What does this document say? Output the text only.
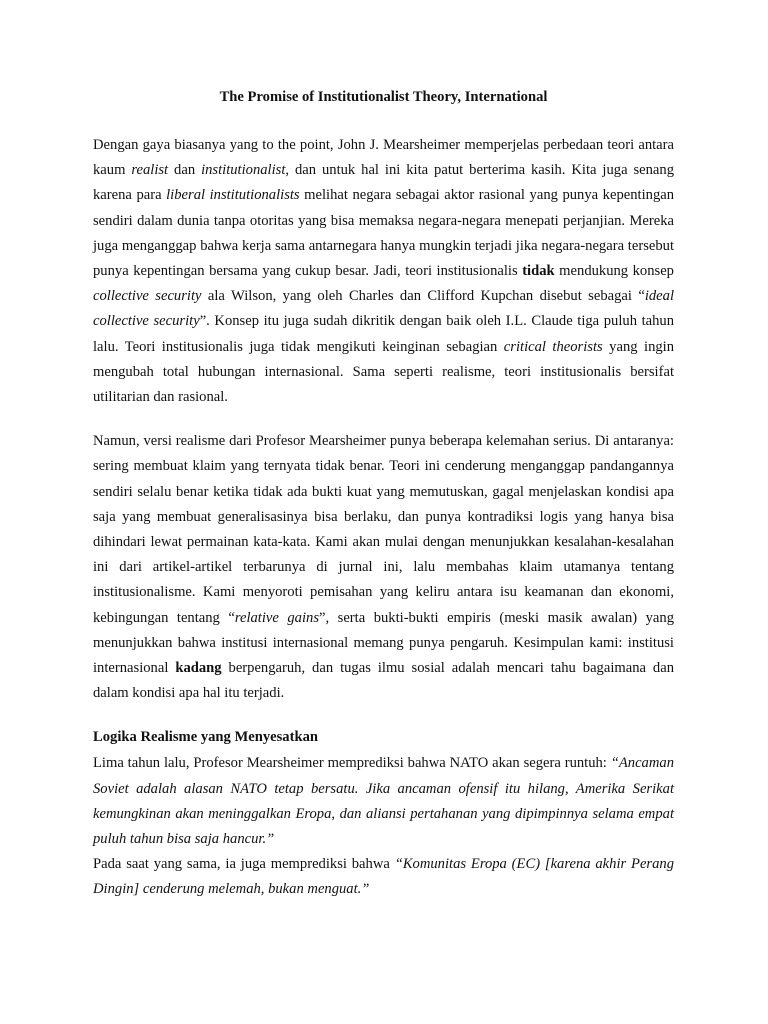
The Promise of Institutionalist Theory, International

Dengan gaya biasanya yang to the point, John J. Mearsheimer memperjelas perbedaan teori antara kaum realist dan institutionalist, dan untuk hal ini kita patut berterima kasih. Kita juga senang karena para liberal institutionalists melihat negara sebagai aktor rasional yang punya kepentingan sendiri dalam dunia tanpa otoritas yang bisa memaksa negara-negara menepati perjanjian. Mereka juga menganggap bahwa kerja sama antarnegara hanya mungkin terjadi jika negara-negara tersebut punya kepentingan bersama yang cukup besar. Jadi, teori institusionalis tidak mendukung konsep collective security ala Wilson, yang oleh Charles dan Clifford Kupchan disebut sebagai “ideal collective security”. Konsep itu juga sudah dikritik dengan baik oleh I.L. Claude tiga puluh tahun lalu. Teori institusionalis juga tidak mengikuti keinginan sebagian critical theorists yang ingin mengubah total hubungan internasional. Sama seperti realisme, teori institusionalis bersifat utilitarian dan rasional.

Namun, versi realisme dari Profesor Mearsheimer punya beberapa kelemahan serius. Di antaranya: sering membuat klaim yang ternyata tidak benar. Teori ini cenderung menganggap pandangannya sendiri selalu benar ketika tidak ada bukti kuat yang memutuskan, gagal menjelaskan kondisi apa saja yang membuat generalisasinya bisa berlaku, dan punya kontradiksi logis yang hanya bisa dihindari lewat permainan kata-kata. Kami akan mulai dengan menunjukkan kesalahan-kesalahan ini dari artikel-artikel terbarunya di jurnal ini, lalu membahas klaim utamanya tentang institusionalisme. Kami menyoroti pemisahan yang keliru antara isu keamanan dan ekonomi, kebingungan tentang “relative gains”, serta bukti-bukti empiris (meski masik awalan) yang menunjukkan bahwa institusi internasional memang punya pengaruh. Kesimpulan kami: institusi internasional kadang berpengaruh, dan tugas ilmu sosial adalah mencari tahu bagaimana dan dalam kondisi apa hal itu terjadi.

Logika Realisme yang Menyesatkan

Lima tahun lalu, Profesor Mearsheimer memprediksi bahwa NATO akan segera runtuh: “Ancaman Soviet adalah alasan NATO tetap bersatu. Jika ancaman ofensif itu hilang, Amerika Serikat kemungkinan akan meninggalkan Eropa, dan aliansi pertahanan yang dipimpinnya selama empat puluh tahun bisa saja hancur.”

Pada saat yang sama, ia juga memprediksi bahwa “Komunitas Eropa (EC) [karena akhir Perang Dingin] cenderung melemah, bukan menguat.”
